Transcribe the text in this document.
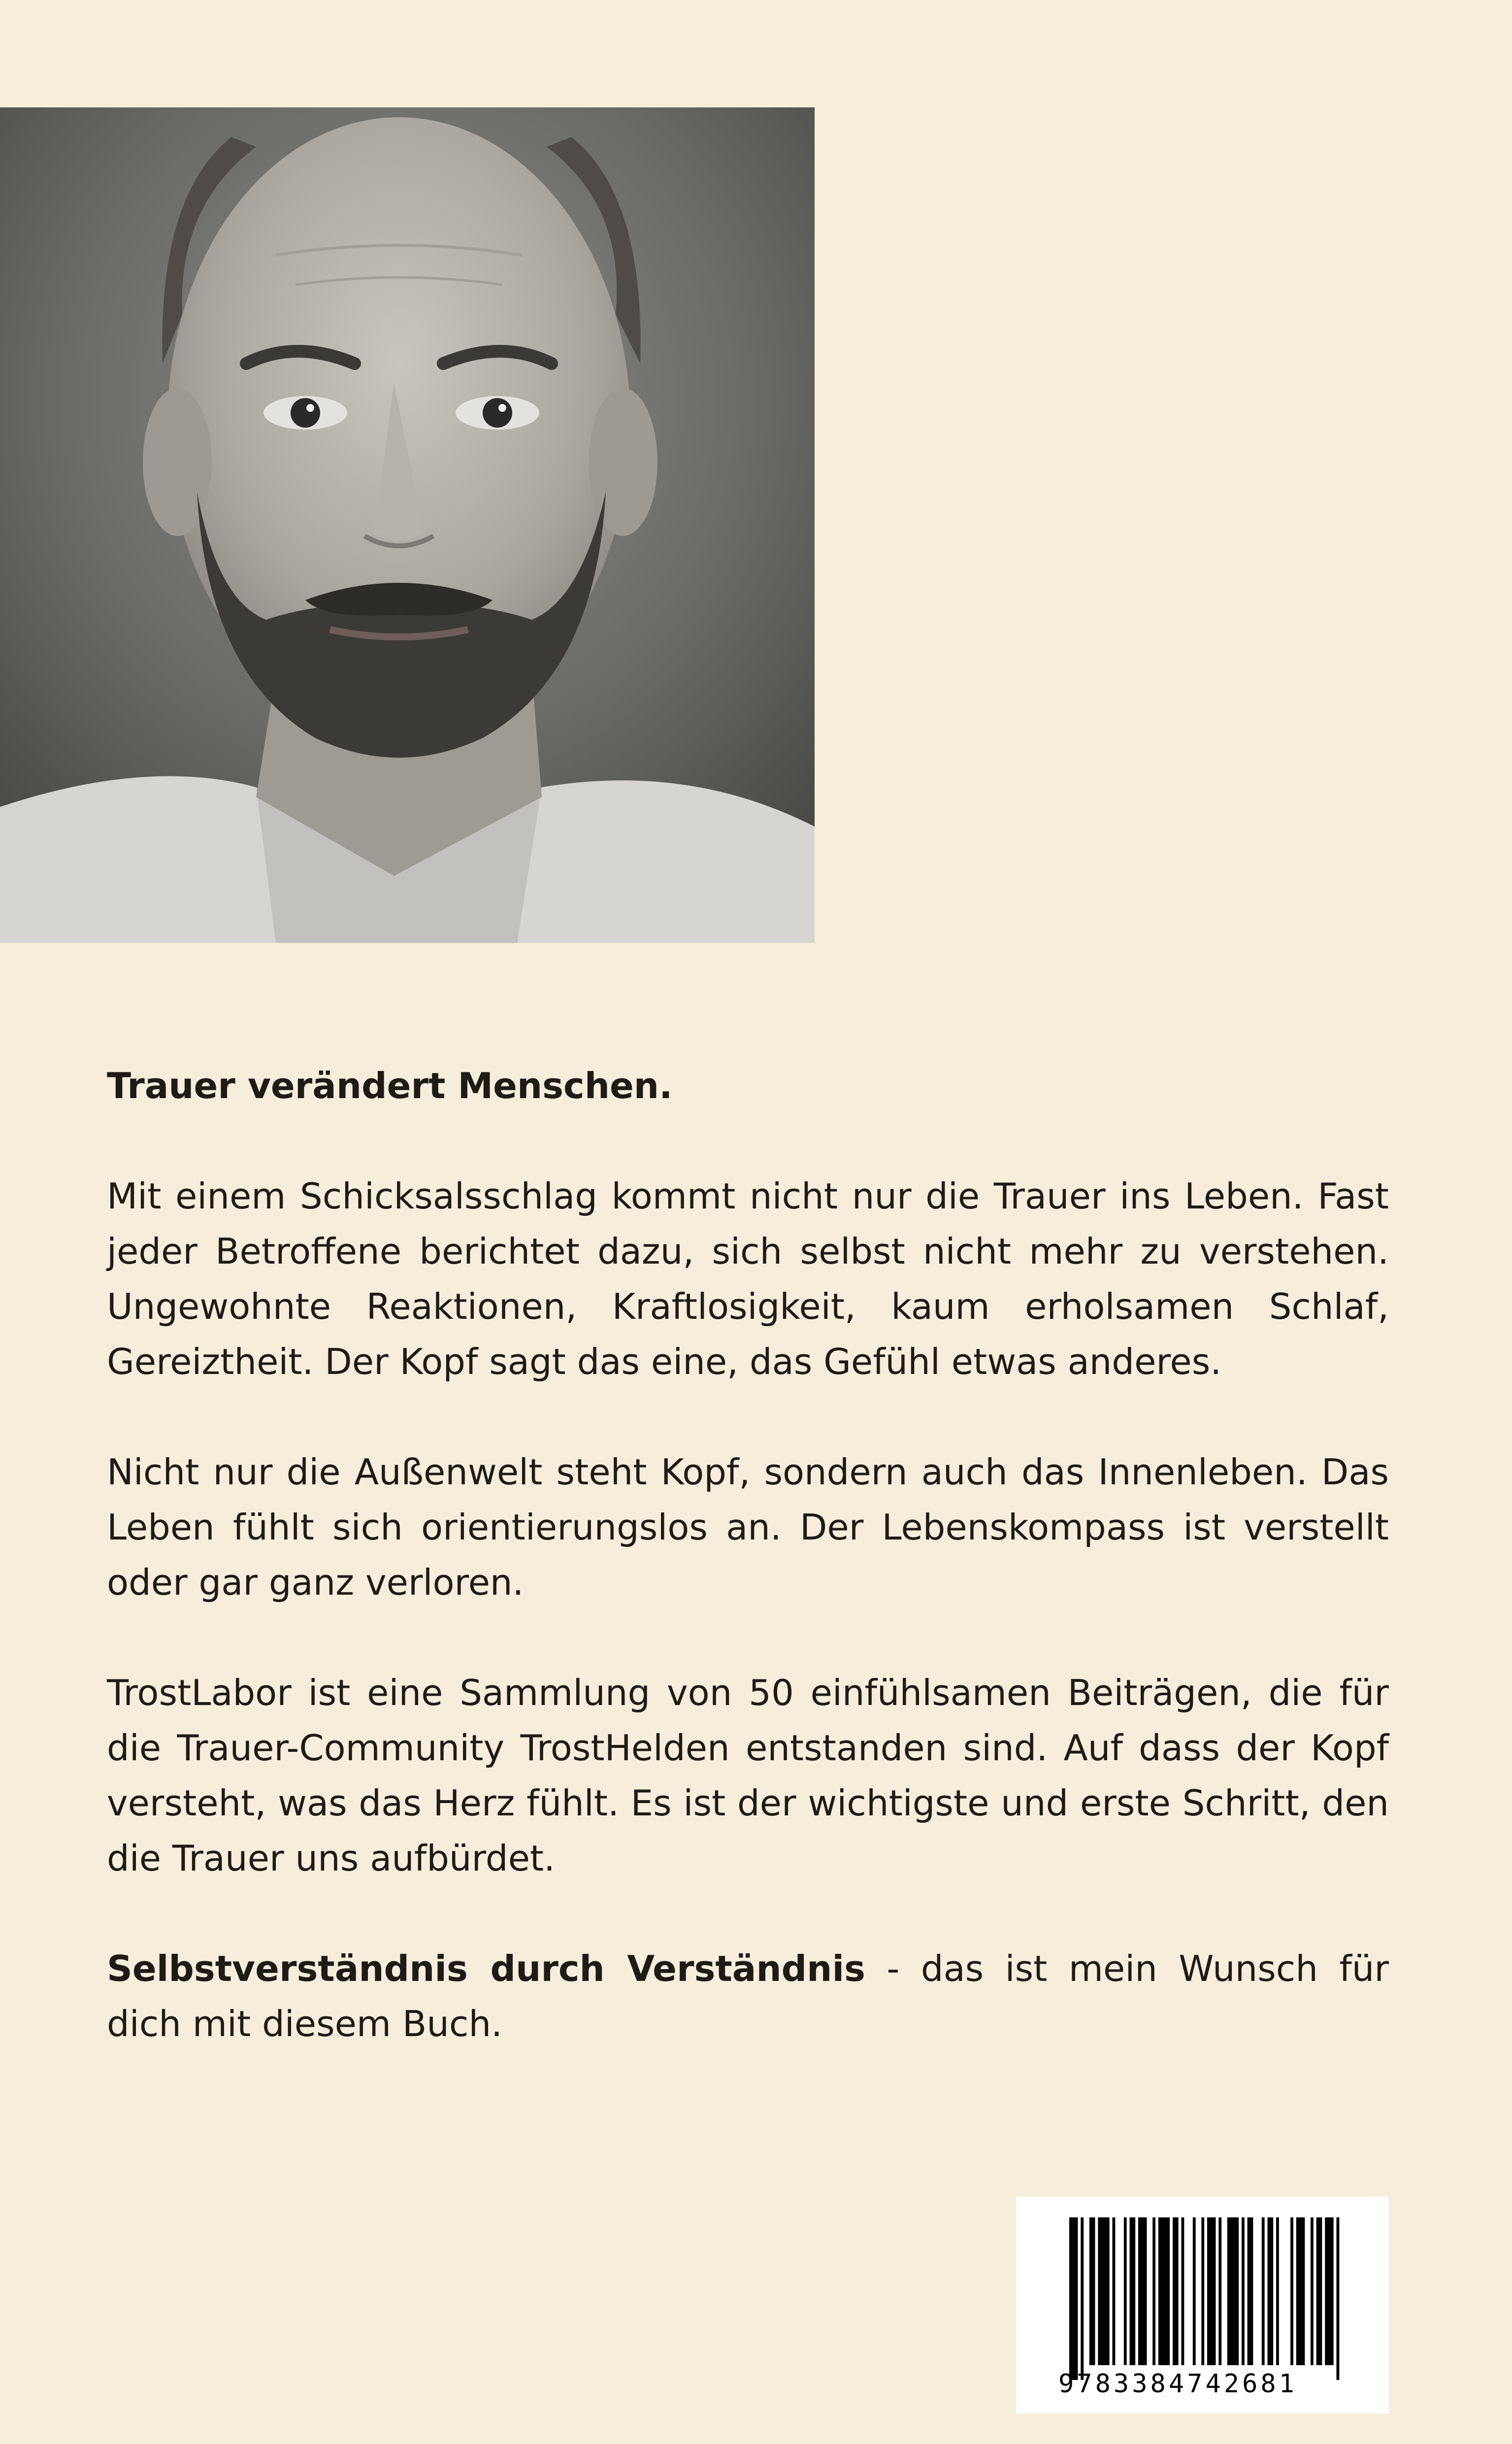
Trauer verändert Menschen.

Mit einem Schicksalsschlag kommt nicht nur die Trauer ins Leben. Fast jeder Betroffene berichtet dazu, sich selbst nicht mehr zu verstehen. Ungewohnte Reaktionen, Kraftlosigkeit, kaum erholsamen Schlaf, Gereiztheit. Der Kopf sagt das eine, das Gefühl etwas anderes.

Nicht nur die Außenwelt steht Kopf, sondern auch das Innenleben. Das Leben fühlt sich orientierungslos an. Der Lebenskompass ist verstellt oder gar ganz verloren.

TrostLabor ist eine Sammlung von 50 einfühlsamen Beiträgen, die für die Trauer-Community TrostHelden entstanden sind. Auf dass der Kopf versteht, was das Herz fühlt. Es ist der wichtigste und erste Schritt, den die Trauer uns aufbürdet.

Selbstverständnis durch Verständnis - das ist mein Wunsch für dich mit diesem Buch.

9783384742681
